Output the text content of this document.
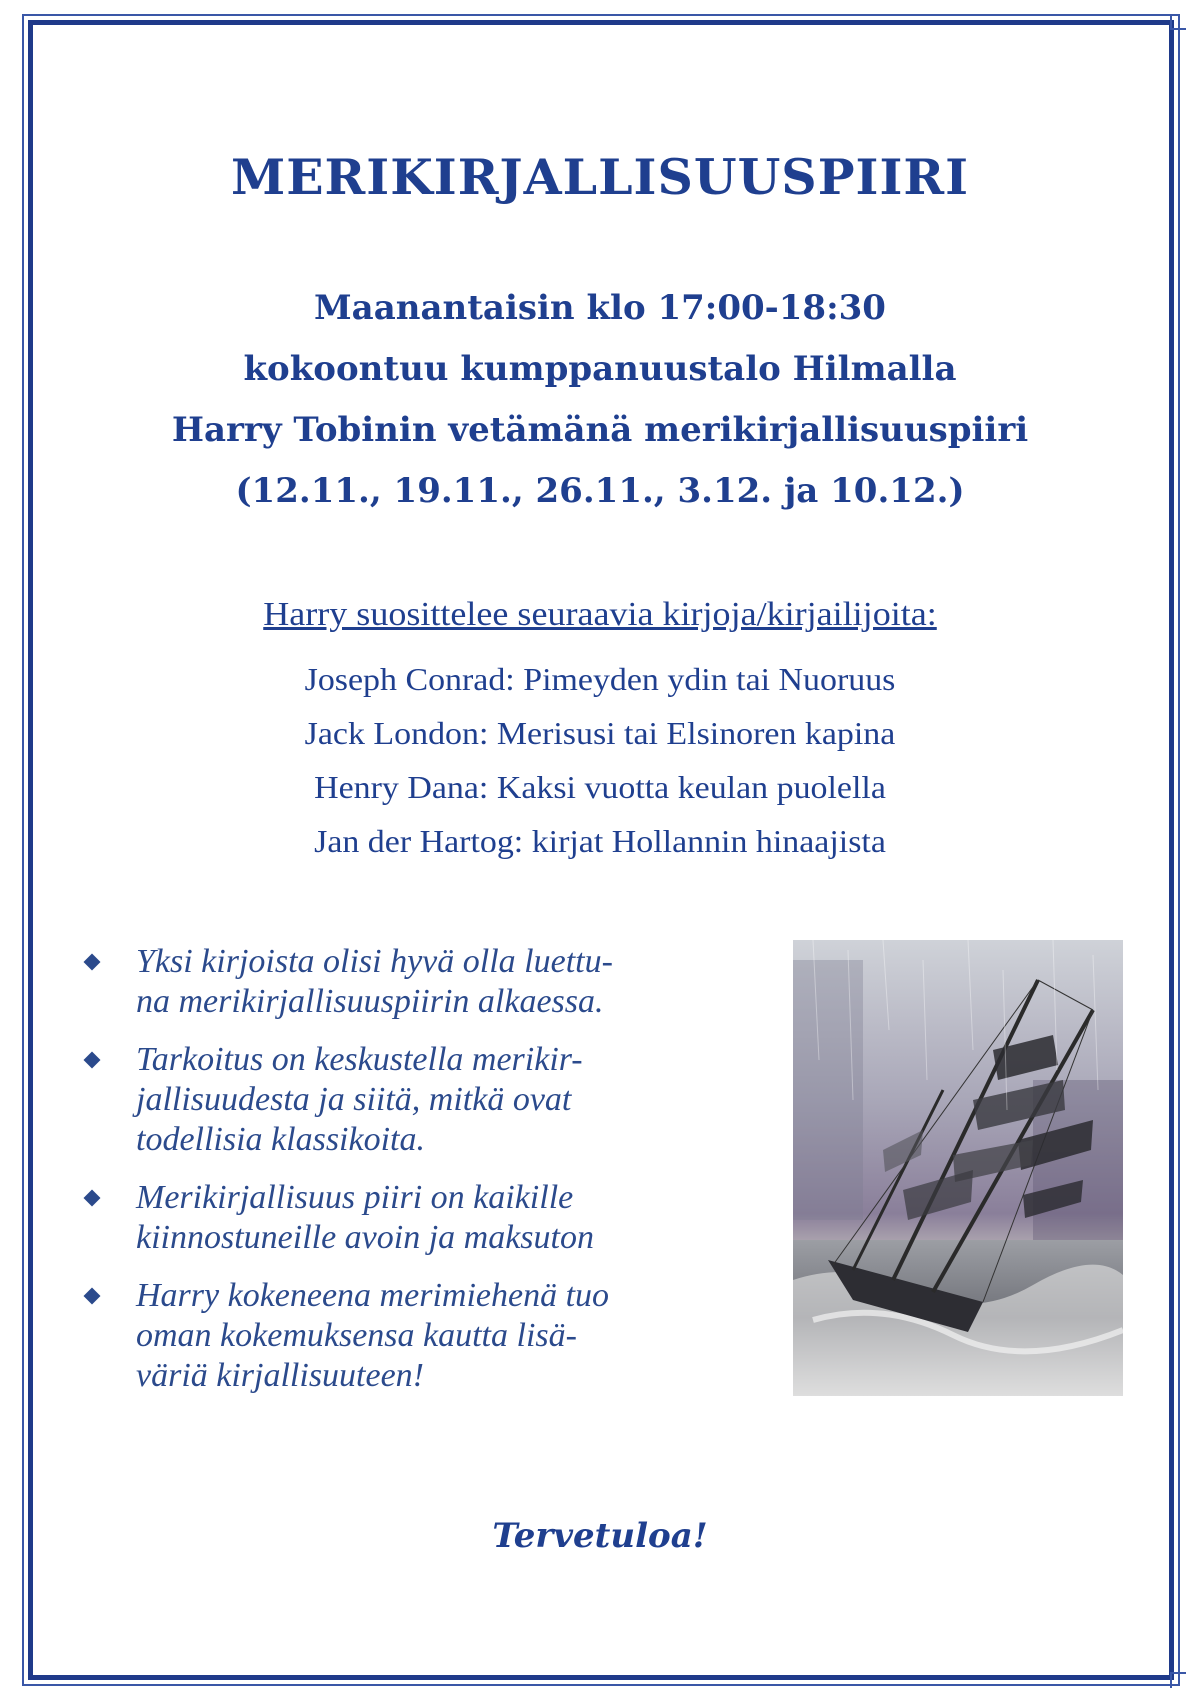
MERIKIRJALLISUUSPIIRI
Maanantaisin klo 17:00-18:30
kokoontuu kumppanuustalo Hilmalla
Harry Tobinin vetämänä merikirjallisuuspiiri
(12.11., 19.11., 26.11., 3.12. ja 10.12.)
Harry suosittelee seuraavia kirjoja/kirjailijoita:
Joseph Conrad: Pimeyden ydin tai Nuoruus
Jack London: Merisusi tai Elsinoren kapina
Henry Dana: Kaksi vuotta keulan puolella
Jan der Hartog: kirjat Hollannin hinaajista
Yksi kirjoista olisi hyvä olla luettu-
na merikirjallisuuspiirin alkaessa.
Tarkoitus on keskustella merikir-
jallisuudesta ja siitä, mitkä ovat
todellisia klassikoita.
Merikirjallisuus piiri on kaikille
kiinnostuneille avoin ja maksuton
Harry kokeneena merimiehenä tuo
oman kokemuksensa kautta lisä-
väriä kirjallisuuteen!
Tervetuloa!
